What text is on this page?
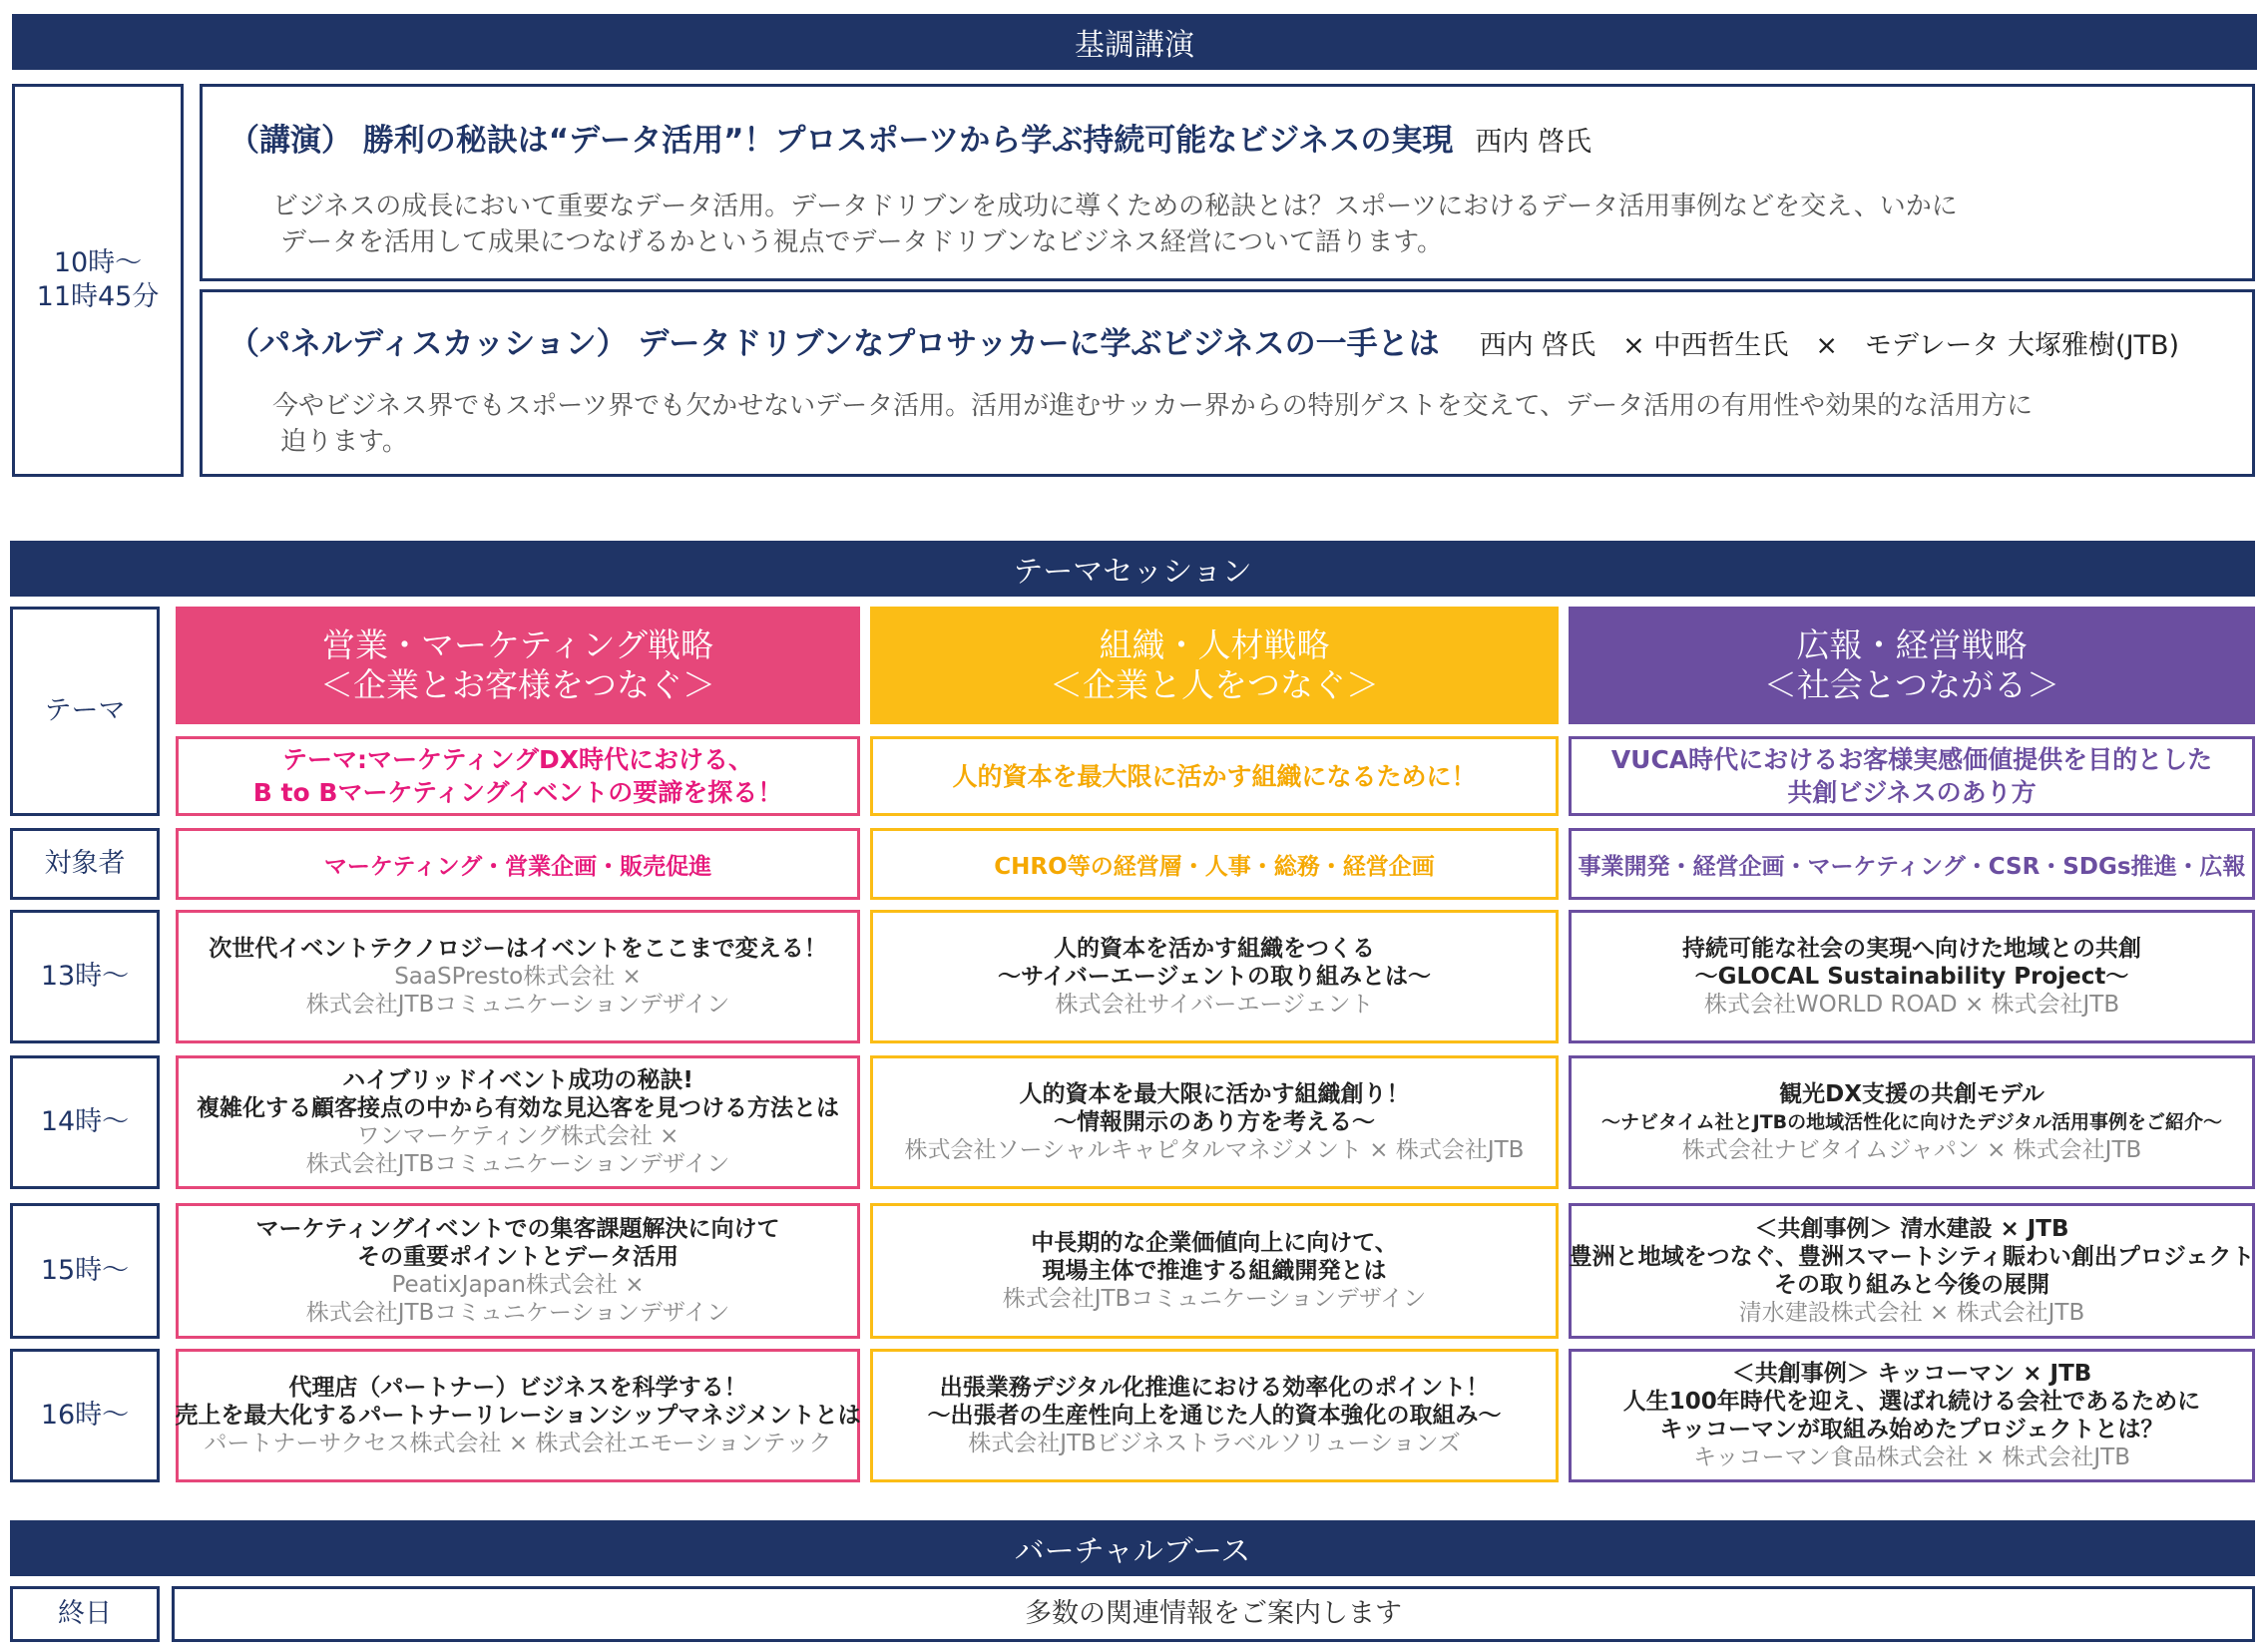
基調講演
10時～
11時45分
（講演） 勝利の秘訣は“データ活用”！プロスポーツから学ぶ持続可能なビジネスの実現 西内 啓氏
ビジネスの成長において重要なデータ活用。データドリブンを成功に導くための秘訣とは？スポーツにおけるデータ活用事例などを交え、いかに
データを活用して成果につなげるかという視点でデータドリブンなビジネス経営について語ります。
（パネルディスカッション） データドリブンなプロサッカーに学ぶビジネスの一手とは 西内 啓氏　× 中西哲生氏　×　モデレータ 大塚雅樹(JTB)
今やビジネス界でもスポーツ界でも欠かせないデータ活用。活用が進むサッカー界からの特別ゲストを交えて、データ活用の有用性や効果的な活用方に
迫ります。
テーマセッション
テーマ
対象者
13時～
14時～
15時～
16時～
営業・マーケティング戦略
＜企業とお客様をつなぐ＞
テーマ:マーケティングDX時代における、
B to Bマーケティングイベントの要諦を探る！
マーケティング・営業企画・販売促進
次世代イベントテクノロジーはイベントをここまで変える！
SaaSPresto株式会社 ×
株式会社JTBコミュニケーションデザイン
ハイブリッドイベント成功の秘訣!
複雑化する顧客接点の中から有効な見込客を見つける方法とは
ワンマーケティング株式会社 ×
株式会社JTBコミュニケーションデザイン
マーケティングイベントでの集客課題解決に向けて
その重要ポイントとデータ活用
PeatixJapan株式会社 ×
株式会社JTBコミュニケーションデザイン
代理店（パートナー）ビジネスを科学する！
売上を最大化するパートナーリレーションシップマネジメントとは
パートナーサクセス株式会社 × 株式会社エモーションテック
組織・人材戦略
＜企業と人をつなぐ＞
人的資本を最大限に活かす組織になるために！
CHRO等の経営層・人事・総務・経営企画
人的資本を活かす組織をつくる
～サイバーエージェントの取り組みとは～
株式会社サイバーエージェント
人的資本を最大限に活かす組織創り！
～情報開示のあり方を考える～
株式会社ソーシャルキャピタルマネジメント × 株式会社JTB
中長期的な企業価値向上に向けて、
現場主体で推進する組織開発とは
株式会社JTBコミュニケーションデザイン
出張業務デジタル化推進における効率化のポイント！
～出張者の生産性向上を通じた人的資本強化の取組み～
株式会社JTBビジネストラベルソリューションズ
広報・経営戦略
＜社会とつながる＞
VUCA時代におけるお客様実感価値提供を目的とした
共創ビジネスのあり方
事業開発・経営企画・マーケティング・CSR・SDGs推進・広報
持続可能な社会の実現へ向けた地域との共創
～GLOCAL Sustainability Project～
株式会社WORLD ROAD × 株式会社JTB
観光DX支援の共創モデル
～ナビタイム社とJTBの地域活性化に向けたデジタル活用事例をご紹介～
株式会社ナビタイムジャパン × 株式会社JTB
＜共創事例＞ 清水建設 × JTB
豊洲と地域をつなぐ、豊洲スマートシティ賑わい創出プロジェクト
その取り組みと今後の展開
清水建設株式会社 × 株式会社JTB
＜共創事例＞ キッコーマン × JTB
人生100年時代を迎え、選ばれ続ける会社であるために
キッコーマンが取組み始めたプロジェクトとは？
キッコーマン食品株式会社 × 株式会社JTB
バーチャルブース
終日	多数の関連情報をご案内します
